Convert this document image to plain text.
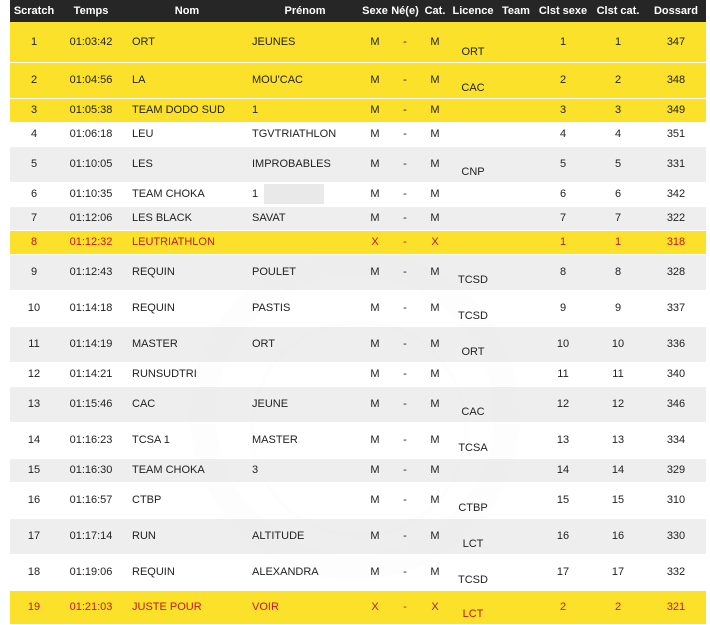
Scratch	Temps	Nom	Prénom	Sexe	Né(e)	Cat.	Licence	Team	Clst sexe	Clst cat.	Dossard
1	01:03:42	ORT	JEUNES	M	-	M	ORT		1	1	347
2	01:04:56	LA	MOU'CAC	M	-	M	CAC		2	2	348
3	01:05:38	TEAM DODO SUD	1	M	-	M			3	3	349
4	01:06:18	LEU	TGVTRIATHLON	M	-	M			4	4	351
5	01:10:05	LES	IMPROBABLES	M	-	M	CNP		5	5	331
6	01:10:35	TEAM CHOKA	1	M	-	M			6	6	342
7	01:12:06	LES BLACK	SAVAT	M	-	M			7	7	322
8	01:12:32	LEUTRIATHLON		X	-	X			1	1	318
9	01:12:43	REQUIN	POULET	M	-	M	TCSD		8	8	328
10	01:14:18	REQUIN	PASTIS	M	-	M	TCSD		9	9	337
11	01:14:19	MASTER	ORT	M	-	M	ORT		10	10	336
12	01:14:21	RUNSUDTRI		M	-	M			11	11	340
13	01:15:46	CAC	JEUNE	M	-	M	CAC		12	12	346
14	01:16:23	TCSA 1	MASTER	M	-	M	TCSA		13	13	334
15	01:16:30	TEAM CHOKA	3	M	-	M			14	14	329
16	01:16:57	CTBP		M	-	M	CTBP		15	15	310
17	01:17:14	RUN	ALTITUDE	M	-	M	LCT		16	16	330
18	01:19:06	REQUIN	ALEXANDRA	M	-	M	TCSD		17	17	332
19	01:21:03	JUSTE POUR	VOIR	X	-	X	LCT		2	2	321
